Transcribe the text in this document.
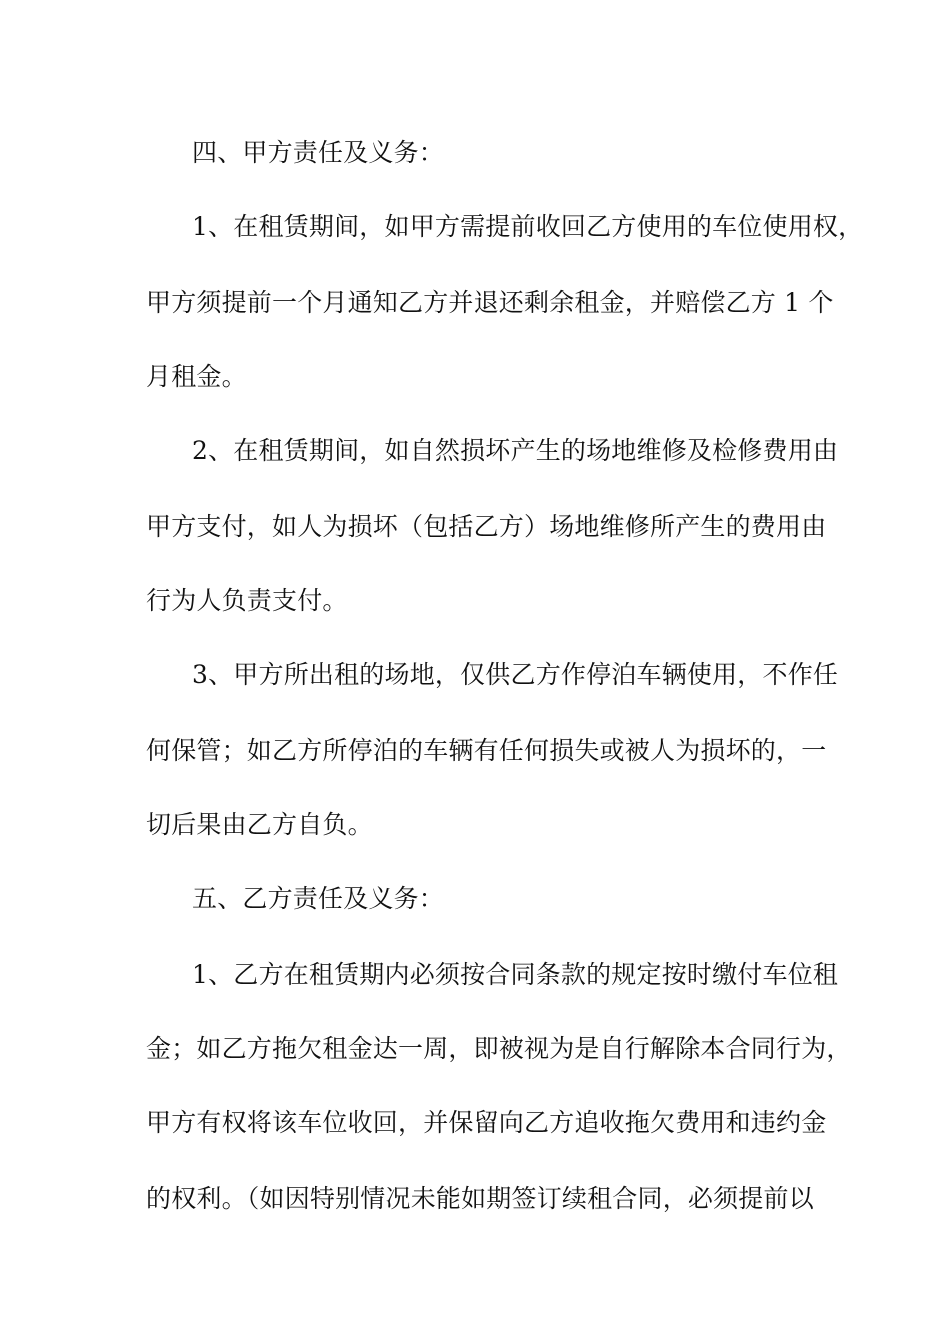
四、甲方责任及义务：
1、在租赁期间，如甲方需提前收回乙方使用的车位使用权，
甲方须提前一个月通知乙方并退还剩余租金，并赔偿乙方 1 个
月租金。
2、在租赁期间，如自然损坏产生的场地维修及检修费用由
甲方支付，如人为损坏（包括乙方）场地维修所产生的费用由
行为人负责支付。
3、甲方所出租的场地，仅供乙方作停泊车辆使用，不作任
何保管；如乙方所停泊的车辆有任何损失或被人为损坏的，一
切后果由乙方自负。
五、乙方责任及义务：
1、乙方在租赁期内必须按合同条款的规定按时缴付车位租
金；如乙方拖欠租金达一周，即被视为是自行解除本合同行为，
甲方有权将该车位收回，并保留向乙方追收拖欠费用和违约金
的权利。（如因特别情况未能如期签订续租合同，必须提前以
